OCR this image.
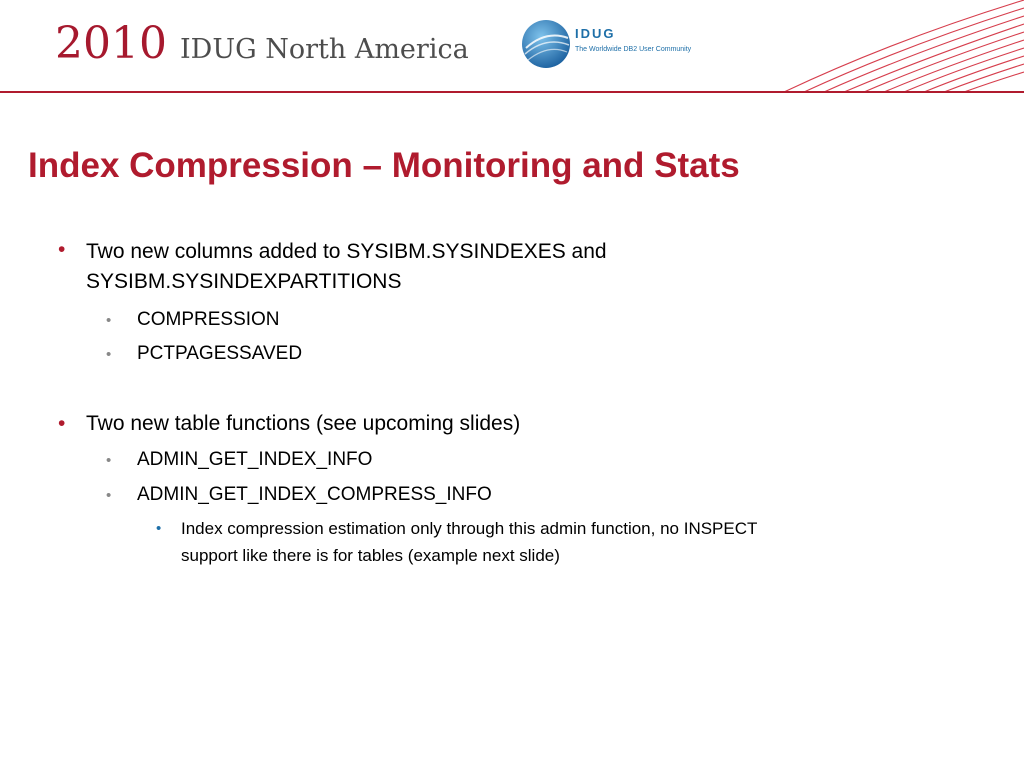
2010 IDUG North America
IDUG
The Worldwide DB2 User Community
Index Compression – Monitoring and Stats
• Two new columns added to SYSIBM.SYSINDEXES and
SYSIBM.SYSINDEXPARTITIONS
• COMPRESSION
• PCTPAGESSAVED
• Two new table functions (see upcoming slides)
• ADMIN_GET_INDEX_INFO
• ADMIN_GET_INDEX_COMPRESS_INFO
• Index compression estimation only through this admin function, no INSPECT
support like there is for tables (example next slide)
